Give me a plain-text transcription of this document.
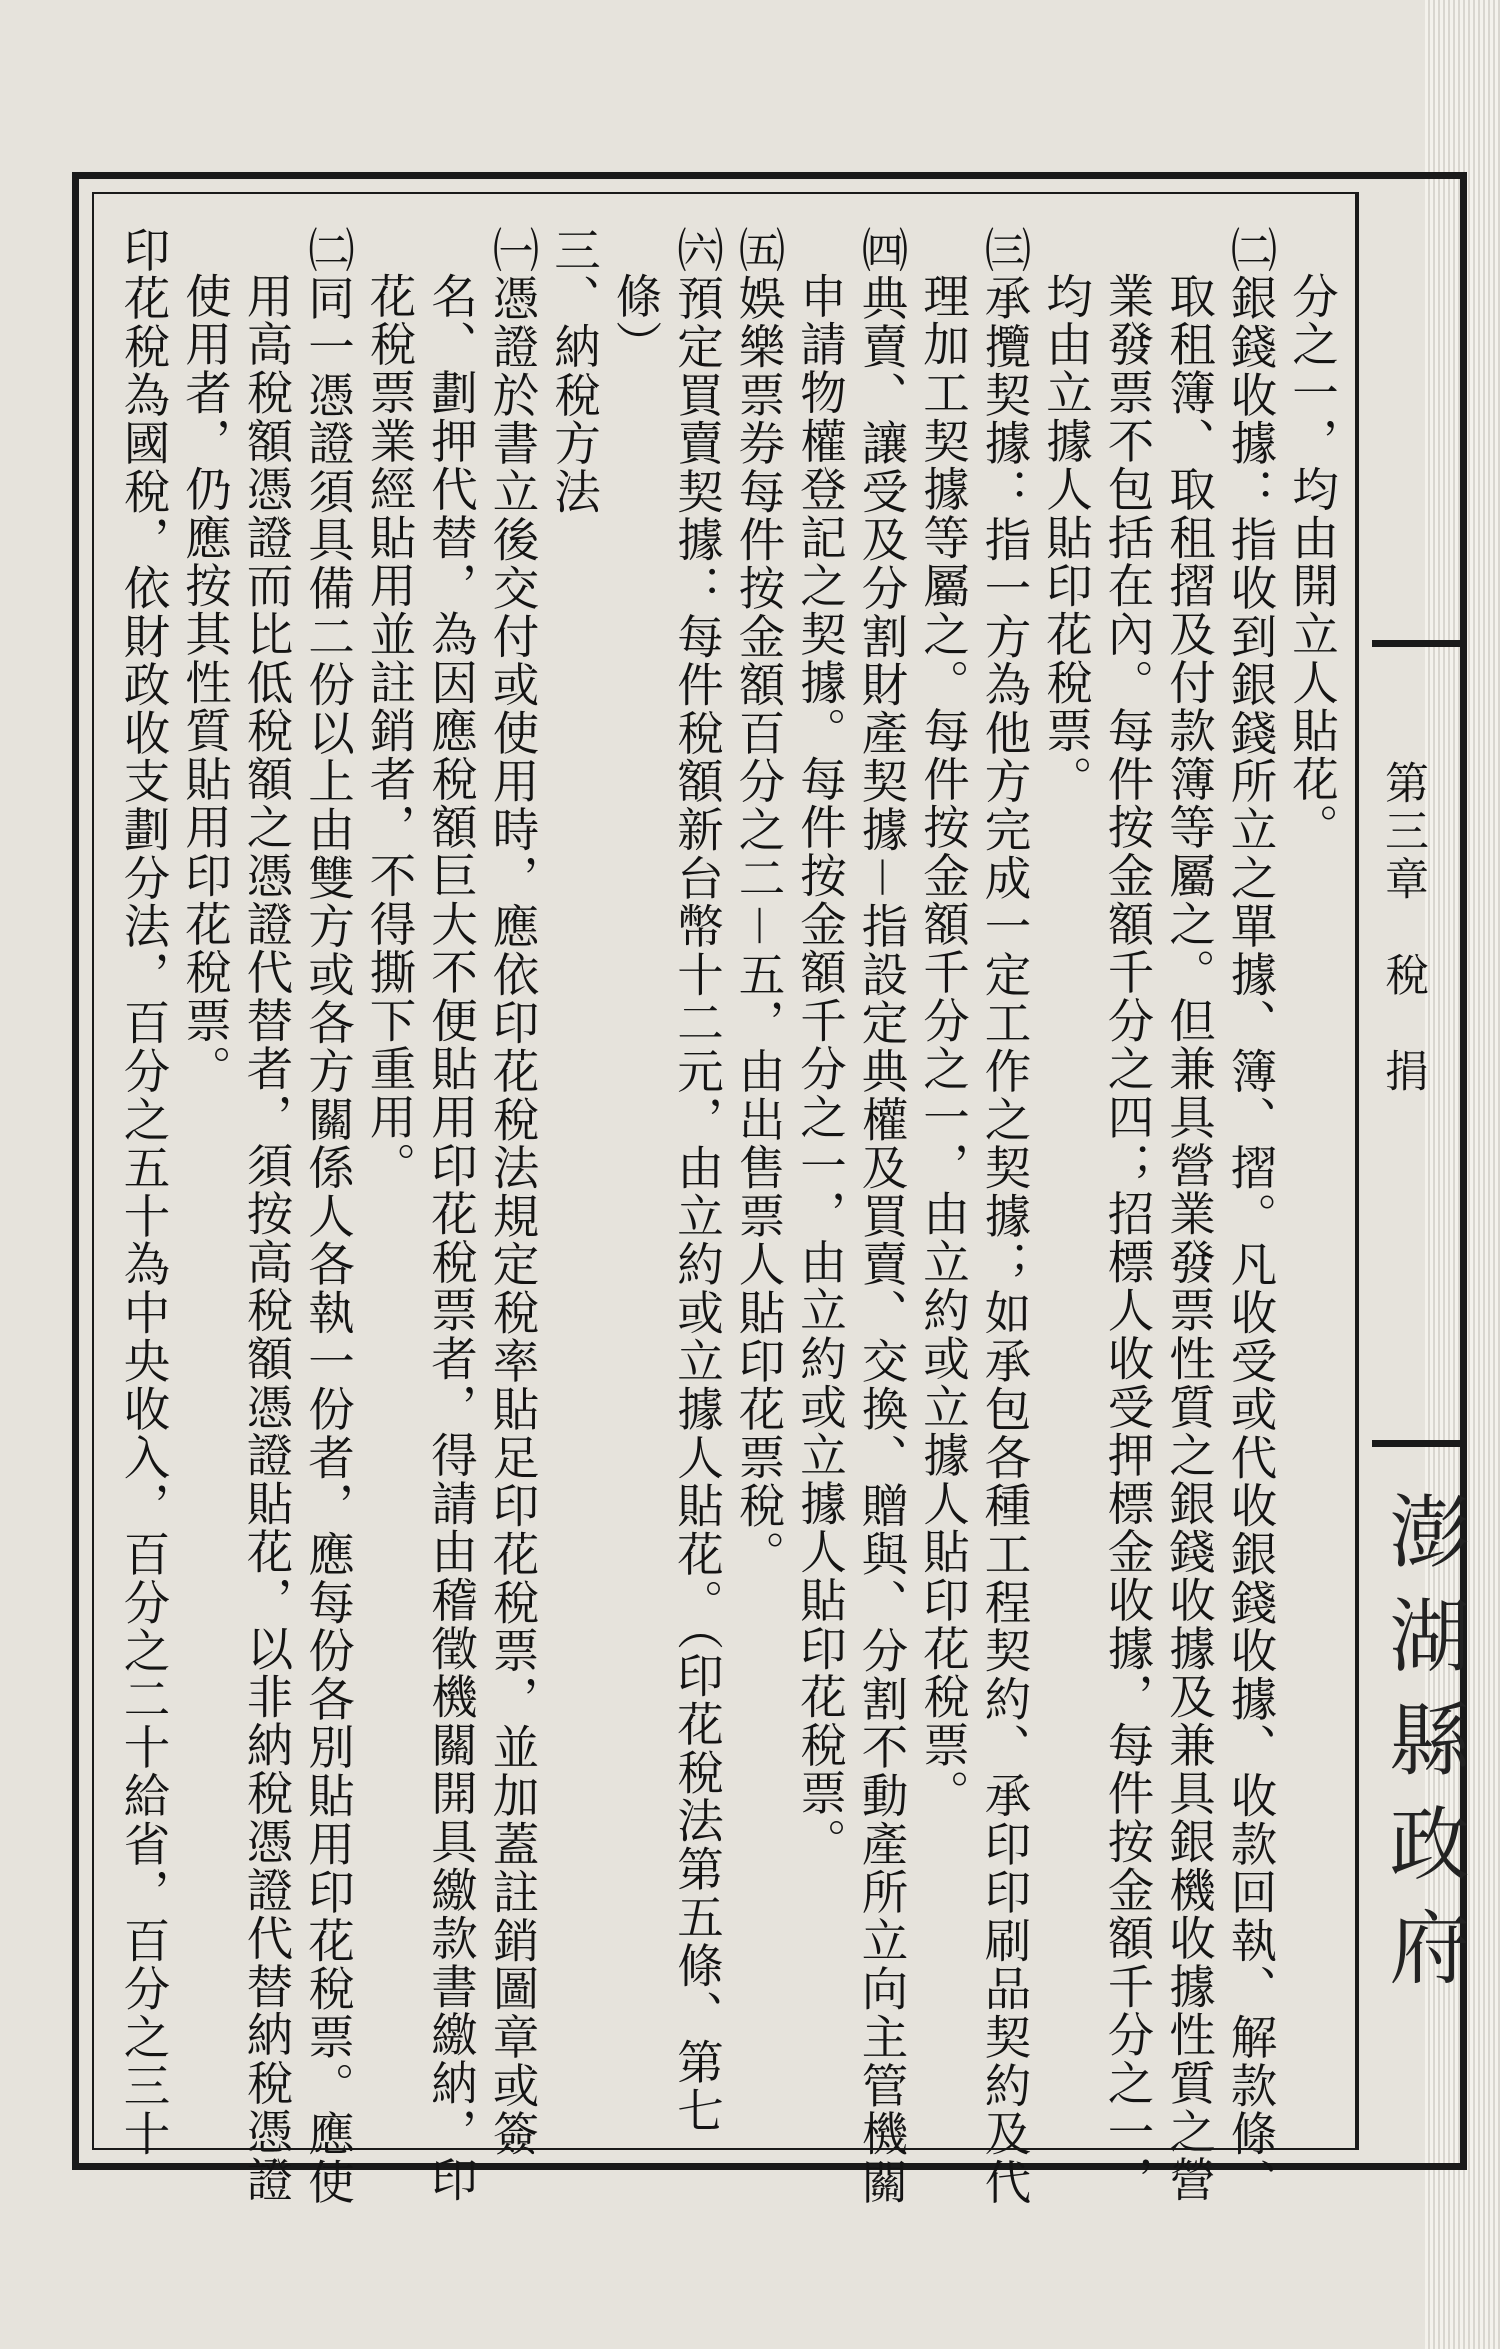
第三章　稅　捐
澎湖縣政府
分之一，均由開立人貼花。
㈡銀錢收據：指收到銀錢所立之單據、簿、摺。凡收受或代收銀錢收據、收款回執、解款條、
取租簿、取租摺及付款簿等屬之。但兼具營業發票性質之銀錢收據及兼具銀機收據性質之營
業發票不包括在內。每件按金額千分之四；招標人收受押標金收據，每件按金額千分之一，
均由立據人貼印花稅票。
㈢承攬契據：指一方為他方完成一定工作之契據；如承包各種工程契約、承印印刷品契約及代
理加工契據等屬之。每件按金額千分之一，由立約或立據人貼印花稅票。
㈣典賣、讓受及分割財產契據－指設定典權及買賣、交換、贈與、分割不動產所立向主管機關
申請物權登記之契據。每件按金額千分之一，由立約或立據人貼印花稅票。
㈤娛樂票券每件按金額百分之二－五，由出售票人貼印花票稅。
㈥預定買賣契據：每件稅額新台幣十二元，由立約或立據人貼花。（印花稅法第五條、第七
條）
三、納稅方法
㈠憑證於書立後交付或使用時，應依印花稅法規定稅率貼足印花稅票，並加蓋註銷圖章或簽
名、劃押代替，為因應稅額巨大不便貼用印花稅票者，得請由稽徵機關開具繳款書繳納，印
花稅票業經貼用並註銷者，不得撕下重用。
㈡同一憑證須具備二份以上由雙方或各方關係人各執一份者，應每份各別貼用印花稅票。應使
用高稅額憑證而比低稅額之憑證代替者，須按高稅額憑證貼花，以非納稅憑證代替納稅憑證
使用者，仍應按其性質貼用印花稅票。
印花稅為國稅，依財政收支劃分法，百分之五十為中央收入，百分之二十給省，百分之三十
